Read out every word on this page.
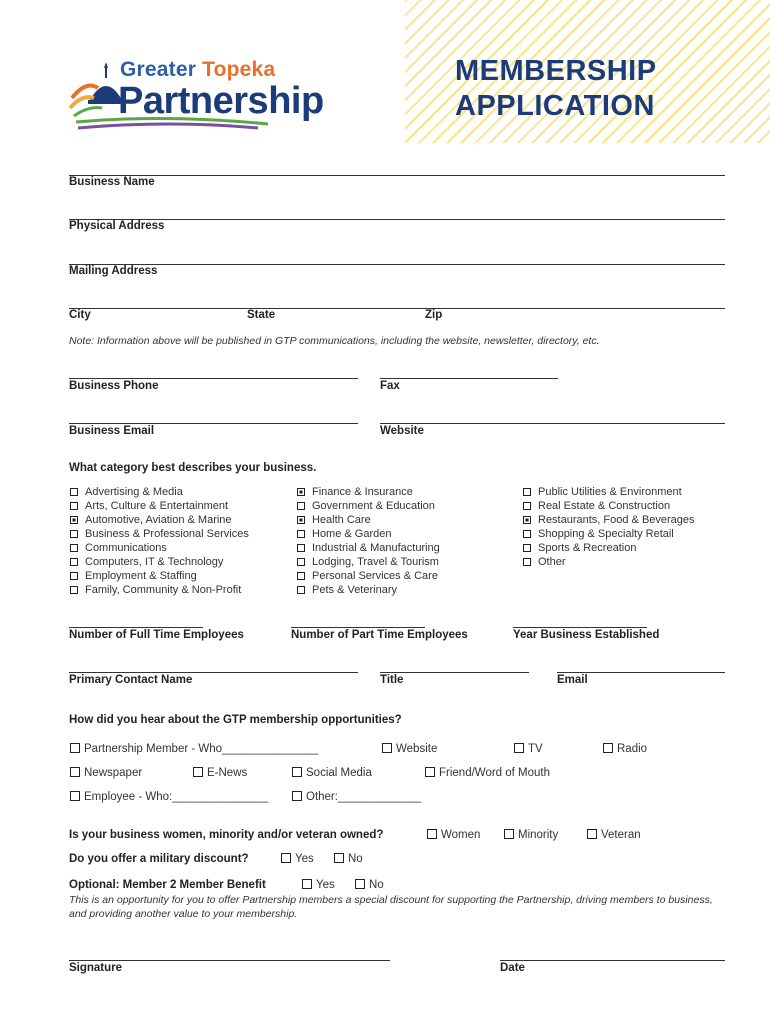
MEMBERSHIP
APPLICATION
Greater Topeka
Partnership
Business Name
Physical Address
Mailing Address
City	State	Zip
Note: Information above will be published in GTP communications, including the website, newsletter, directory, etc.
Business Phone	Fax
Business Email	Website
What category best describes your business.
Advertising & Media
Arts, Culture & Entertainment
Automotive, Aviation & Marine
Business & Professional Services
Communications
Computers, IT & Technology
Employment & Staffing
Family, Community & Non-Profit
Finance & Insurance
Government & Education
Health Care
Home & Garden
Industrial & Manufacturing
Lodging, Travel & Tourism
Personal Services & Care
Pets & Veterinary
Public Utilities & Environment
Real Estate & Construction
Restaurants, Food & Beverages
Shopping & Specialty Retail
Sports & Recreation
Other
Number of Full Time Employees	Number of Part Time Employees	Year Business Established
Primary Contact Name	Title	Email
How did you hear about the GTP membership opportunities?
Partnership Member - Who_______________	Website	TV	Radio
Newspaper	E-News	Social Media	Friend/Word of Mouth
Employee - Who:_______________	Other:_____________
Is your business women, minority and/or veteran owned?	Women	Minority	Veteran
Do you offer a military discount?	Yes	No
Optional: Member 2 Member Benefit	Yes	No
This is an opportunity for you to offer Partnership members a special discount for supporting the Partnership, driving members to business, and providing another value to your membership.
Signature	Date
